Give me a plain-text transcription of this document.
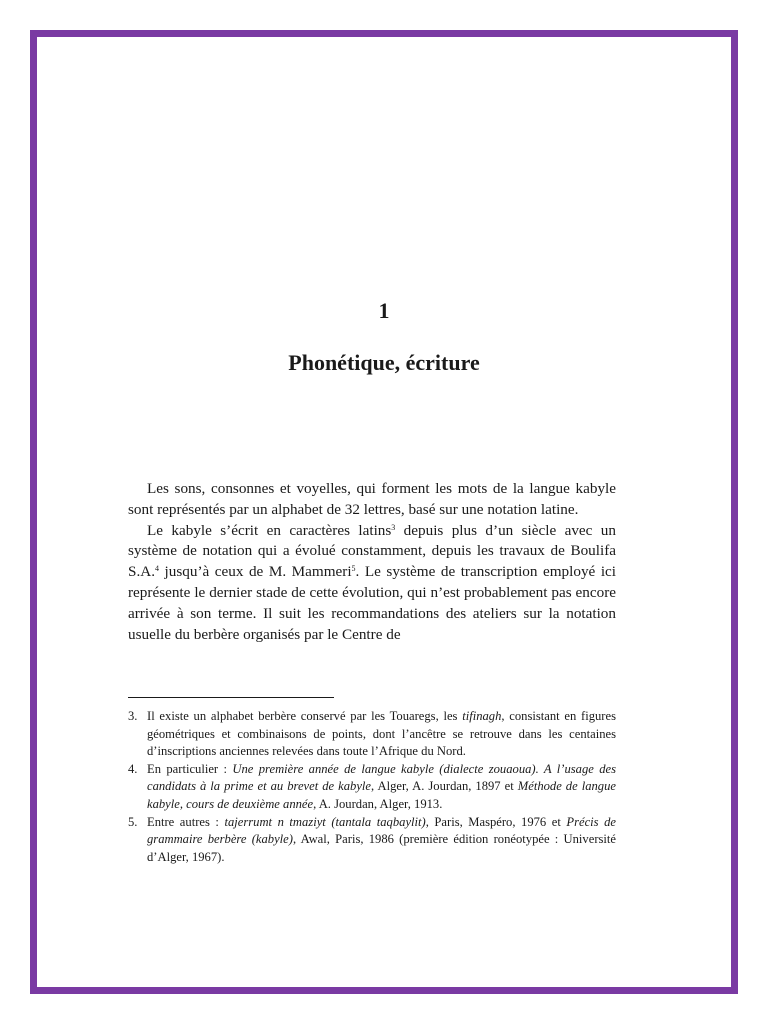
1
Phonétique, écriture

Les sons, consonnes et voyelles, qui forment les mots de la langue kabyle sont représentés par un alphabet de 32 lettres, basé sur une notation latine.

Le kabyle s’écrit en caractères latins$^3$ depuis plus d’un siècle avec un système de notation qui a évolué constamment, depuis les travaux de Boulifa S.A.$^4$ jusqu’à ceux de M. Mammeri$^5$. Le système de transcription employé ici représente le dernier stade de cette évolution, qui n’est probablement pas encore arrivée à son terme. Il suit les recommandations des ateliers sur la notation usuelle du berbère organisés par le Centre de

3. Il existe un alphabet berbère conservé par les Touaregs, les tifinagh, consistant en figures géométriques et combinaisons de points, dont l’ancêtre se retrouve dans les centaines d’inscriptions anciennes relevées dans toute l’Afrique du Nord.
4. En particulier : Une première année de langue kabyle (dialecte zouaoua). A l’usage des candidats à la prime et au brevet de kabyle, Alger, A. Jourdan, 1897 et Méthode de langue kabyle, cours de deuxième année, A. Jourdan, Alger, 1913.
5. Entre autres : tajerrumt n tmaziyt (tantala taqbaylit), Paris, Maspéro, 1976 et Précis de grammaire berbère (kabyle), Awal, Paris, 1986 (première édition ronéotypée : Université d’Alger, 1967).
